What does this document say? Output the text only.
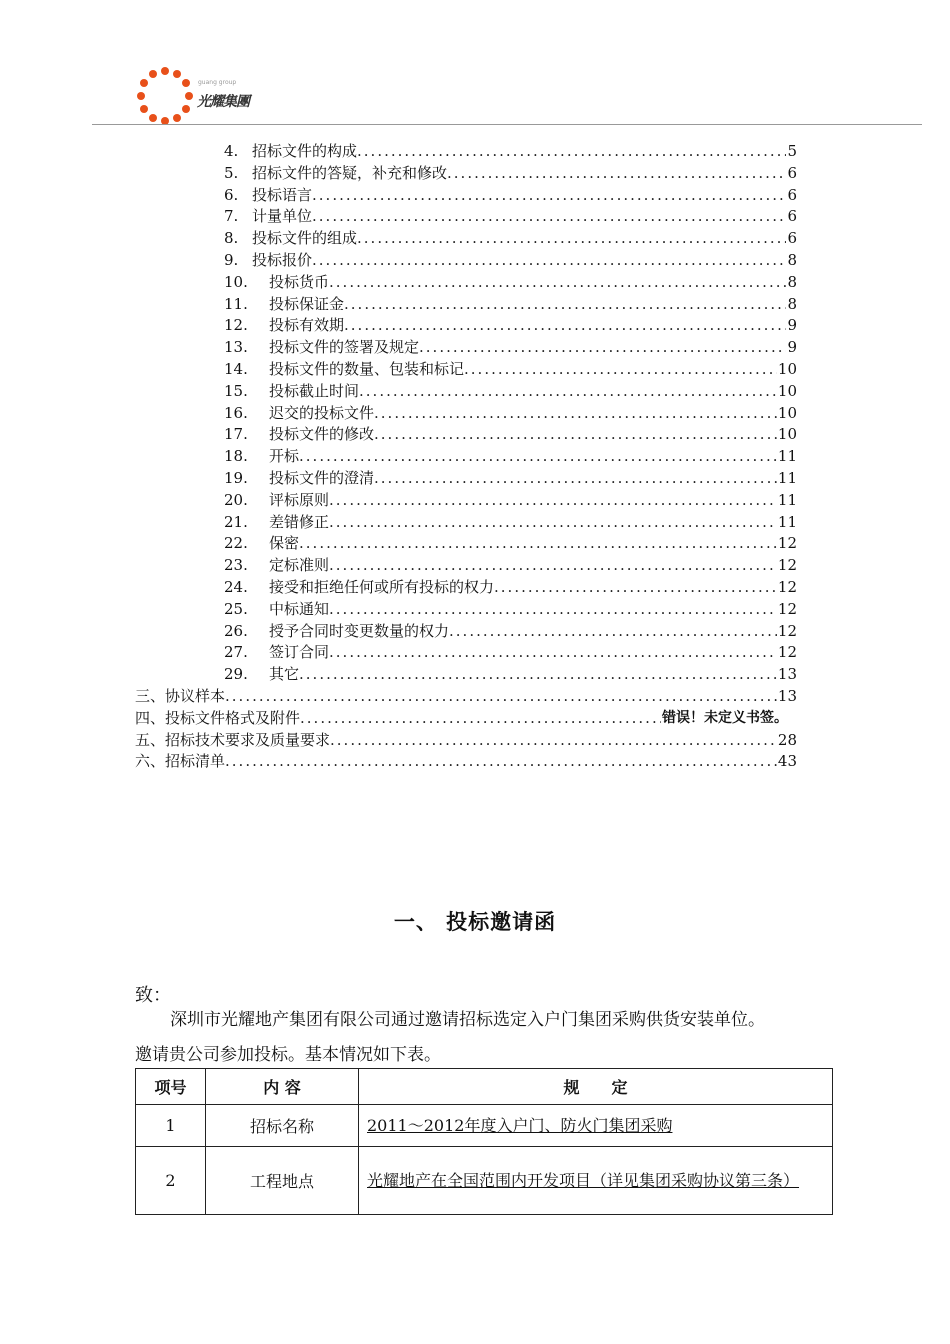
guang group
光耀集團
4. 招标文件的构成 .....	5
5. 招标文件的答疑，补充和修改 .....	6
6. 投标语言 .....	6
7. 计量单位 .....	6
8. 投标文件的组成 .....	6
9. 投标报价 .....	8
10.	投标货币 .....	8
11.	投标保证金 .....	8
12.	投标有效期 .....	9
13.	投标文件的签署及规定 .....	9
14.	投标文件的数量、包装和标记 .....	10
15.	投标截止时间 .....	10
16.	迟交的投标文件 .....	10
17.	投标文件的修改 .....	10
18.	开标 .....	11
19.	投标文件的澄清 .....	11
20.	评标原则 .....	11
21.	差错修正 .....	11
22.	保密 .....	12
23.	定标准则 .....	12
24.	接受和拒绝任何或所有投标的权力 .....	12
25.	中标通知 .....	12
26.	授予合同时变更数量的权力 .....	12
27.	签订合同 .....	12
29.	其它 .....	13
三、协议样本 .....	13
四、投标文件格式及附件 .....	错误！未定义书签。
五、招标技术要求及质量要求 .....	28
六、招标清单 .....	43
一、 投标邀请函
致：
深圳市光耀地产集团有限公司通过邀请招标选定入户门集团采购供货安装单位。
邀请贵公司参加投标。基本情况如下表。
项号	内 容	规　　定
1	招标名称	2011～2012年度入户门、防火门集团采购
2	工程地点	光耀地产在全国范围内开发项目（详见集团采购协议第三条）
